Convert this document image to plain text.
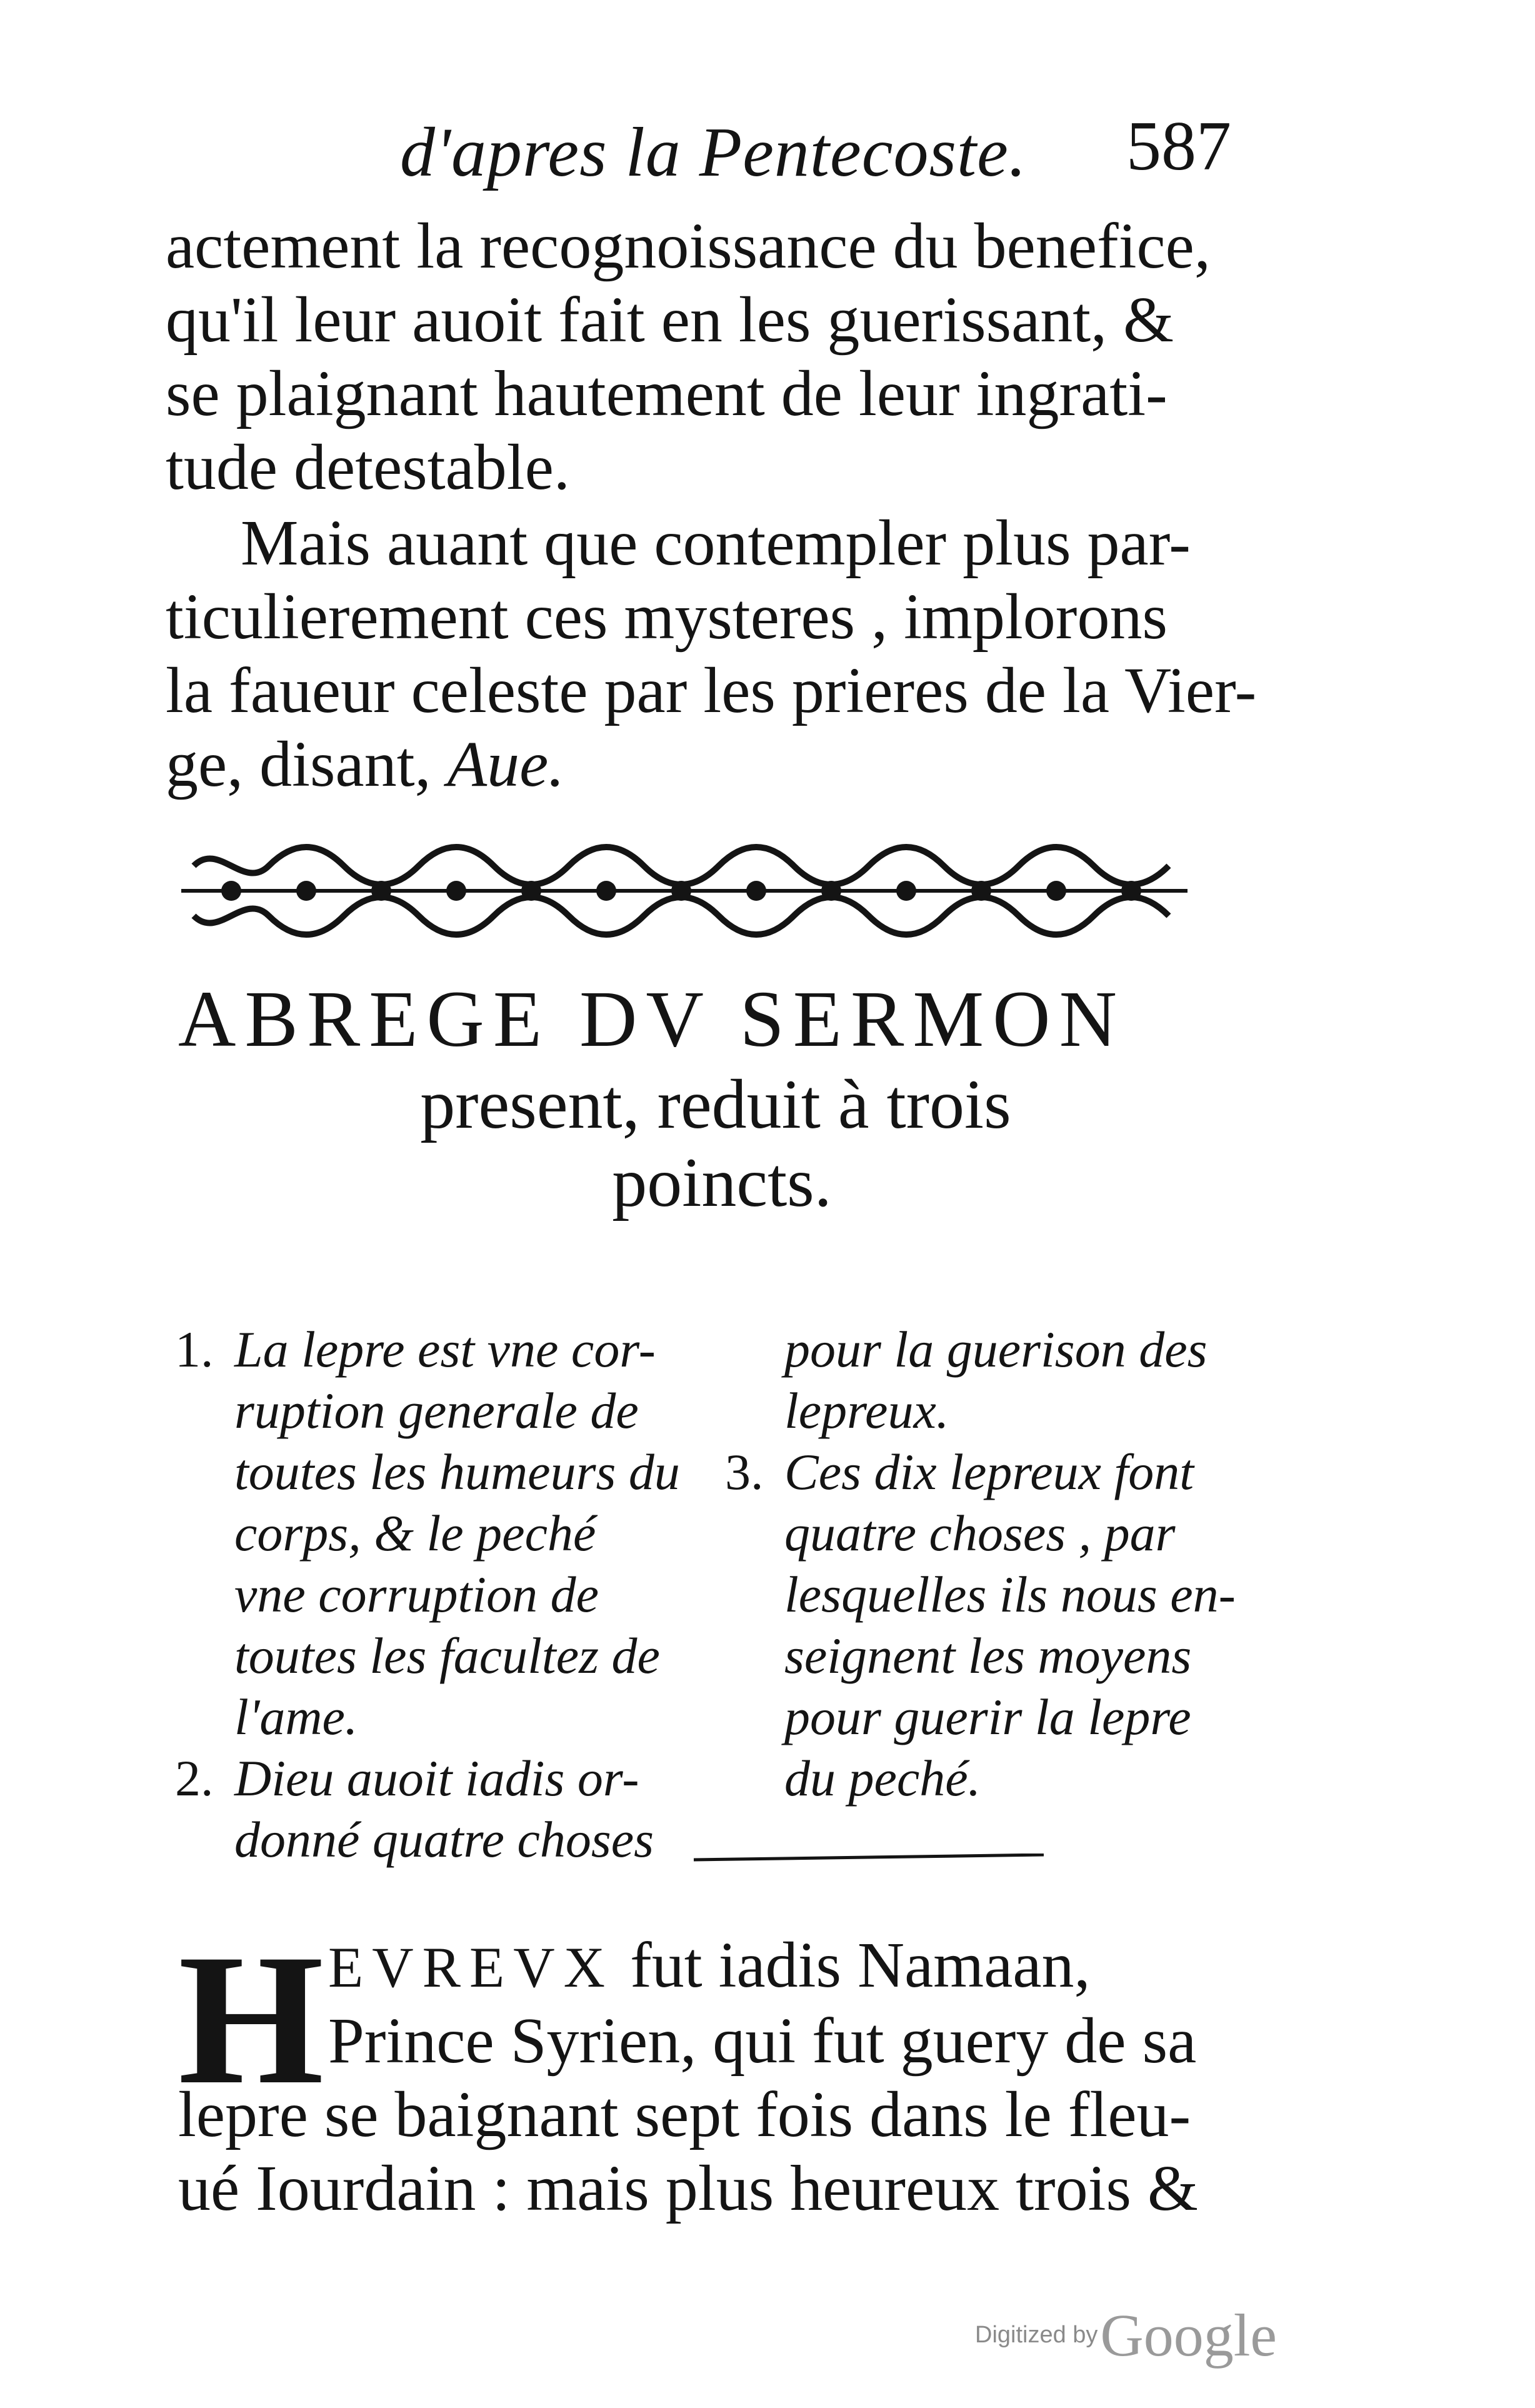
d'apres la Pentecoste. 587
actement la recognoissance du benefice,
qu'il leur auoit fait en les guerissant, &
se plaignant hautement de leur ingrati-
tude detestable.
Mais auant que contempler plus par-
ticulierement ces mysteres , implorons
la faueur celeste par les prieres de la Vier-
ge, disant, Aue.
ABREGE DV SERMON
present, reduit à trois
poincts.
1. La lepre est vne cor-
ruption generale de
toutes les humeurs du
corps, & le peché
vne corruption de
toutes les facultez de
l'ame.
2. Dieu auoit iadis or-
donné quatre choses
pour la guerison des
lepreux.
3. Ces dix lepreux font
quatre choses , par
lesquelles ils nous en-
seignent les moyens
pour guerir la lepre
du peché.
H EVREVX fut iadis Namaan,
Prince Syrien, qui fut guery de sa
lepre se baignant sept fois dans le fleu-
ué Iourdain : mais plus heureux trois &
Digitized by Google
